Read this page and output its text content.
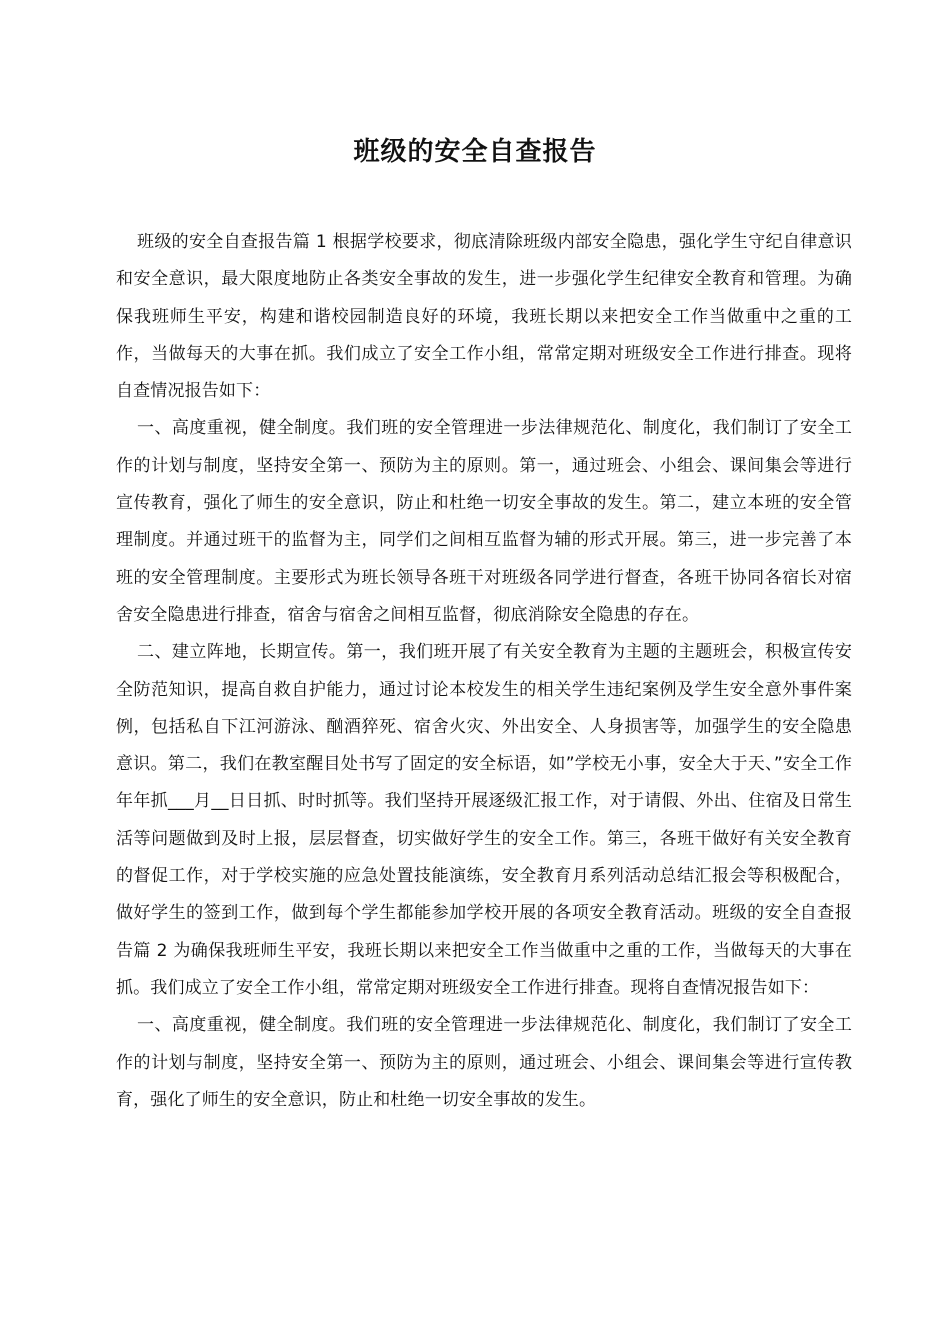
班级的安全自查报告

班级的安全自查报告篇 1 根据学校要求，彻底清除班级内部安全隐患，强化学生守纪自律意识和安全意识，最大限度地防止各类安全事故的发生，进一步强化学生纪律安全教育和管理。为确保我班师生平安，构建和谐校园制造良好的环境，我班长期以来把安全工作当做重中之重的工作，当做每天的大事在抓。我们成立了安全工作小组，常常定期对班级安全工作进行排查。现将自查情况报告如下：

一、高度重视，健全制度。我们班的安全管理进一步法律规范化、制度化，我们制订了安全工作的计划与制度，坚持安全第一、预防为主的原则。第一，通过班会、小组会、课间集会等进行宣传教育，强化了师生的安全意识，防止和杜绝一切安全事故的发生。第二，建立本班的安全管理制度。并通过班干的监督为主，同学们之间相互监督为辅的形式开展。第三，进一步完善了本班的安全管理制度。主要形式为班长领导各班干对班级各同学进行督查，各班干协同各宿长对宿舍安全隐患进行排查，宿舍与宿舍之间相互监督，彻底消除安全隐患的存在。

二、建立阵地，长期宣传。第一，我们班开展了有关安全教育为主题的主题班会，积极宣传安全防范知识，提高自救自护能力，通过讨论本校发生的相关学生违纪案例及学生安全意外事件案例，包括私自下江河游泳、酗酒猝死、宿舍火灾、外出安全、人身损害等，加强学生的安全隐患意识。第二，我们在教室醒目处书写了固定的安全标语，如”学校无小事，安全大于天、”安全工作年年抓___月__日日抓、时时抓等。我们坚持开展逐级汇报工作，对于请假、外出、住宿及日常生活等问题做到及时上报，层层督查，切实做好学生的安全工作。第三，各班干做好有关安全教育的督促工作，对于学校实施的应急处置技能演练，安全教育月系列活动总结汇报会等积极配合，做好学生的签到工作，做到每个学生都能参加学校开展的各项安全教育活动。班级的安全自查报告篇 2 为确保我班师生平安，我班长期以来把安全工作当做重中之重的工作，当做每天的大事在抓。我们成立了安全工作小组，常常定期对班级安全工作进行排查。现将自查情况报告如下：

一、高度重视，健全制度。我们班的安全管理进一步法律规范化、制度化，我们制订了安全工作的计划与制度，坚持安全第一、预防为主的原则，通过班会、小组会、课间集会等进行宣传教育，强化了师生的安全意识，防止和杜绝一切安全事故的发生。
